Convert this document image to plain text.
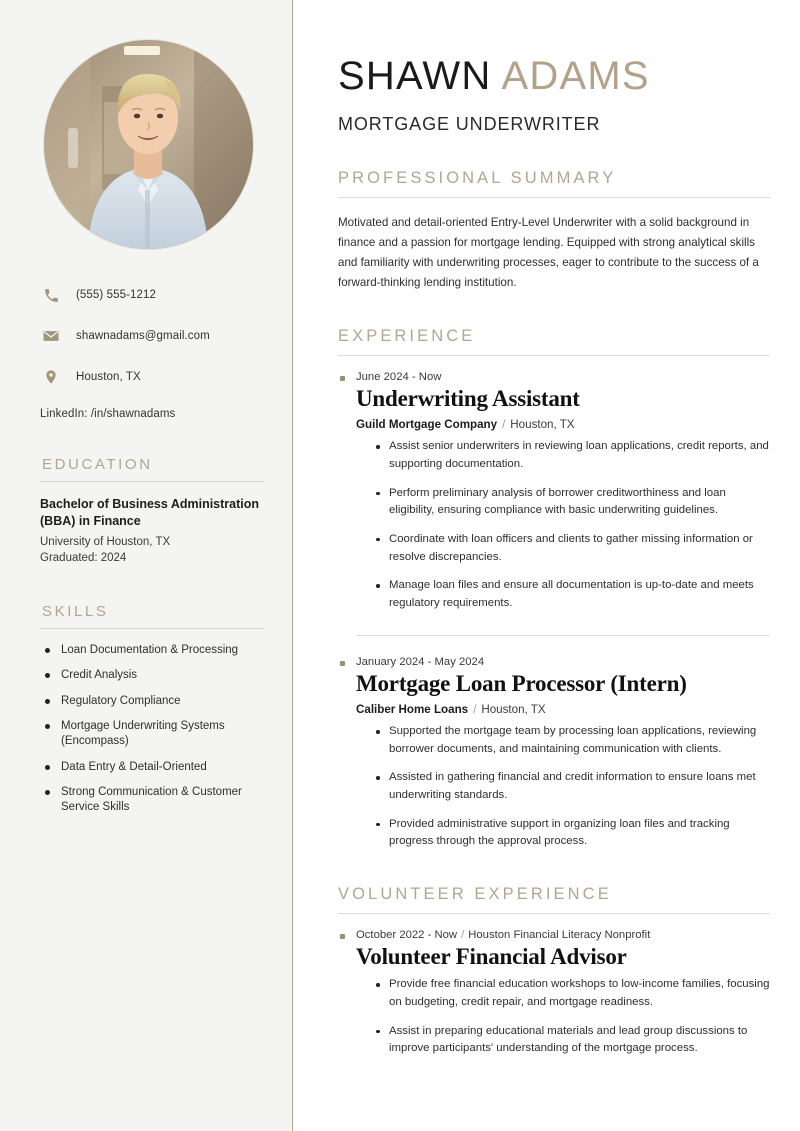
(555) 555-1212
shawnadams@gmail.com
Houston, TX
LinkedIn: /in/shawnadams
EDUCATION
Bachelor of Business Administration (BBA) in Finance
University of Houston, TX
Graduated: 2024
SKILLS
Loan Documentation & Processing
Credit Analysis
Regulatory Compliance
Mortgage Underwriting Systems (Encompass)
Data Entry & Detail-Oriented
Strong Communication & Customer Service Skills
SHAWN ADAMS
MORTGAGE UNDERWRITER
PROFESSIONAL SUMMARY

Motivated and detail-oriented Entry-Level Underwriter with a solid background in finance and a passion for mortgage lending. Equipped with strong analytical skills and familiarity with underwriting processes, eager to contribute to the success of a forward-thinking lending institution.

EXPERIENCE
June 2024 - Now
Underwriting Assistant
Guild Mortgage Company / Houston, TX
Assist senior underwriters in reviewing loan applications, credit reports, and supporting documentation.
Perform preliminary analysis of borrower creditworthiness and loan eligibility, ensuring compliance with basic underwriting guidelines.
Coordinate with loan officers and clients to gather missing information or resolve discrepancies.
Manage loan files and ensure all documentation is up-to-date and meets regulatory requirements.
January 2024 - May 2024
Mortgage Loan Processor (Intern)
Caliber Home Loans / Houston, TX
Supported the mortgage team by processing loan applications, reviewing borrower documents, and maintaining communication with clients.
Assisted in gathering financial and credit information to ensure loans met underwriting standards.
Provided administrative support in organizing loan files and tracking progress through the approval process.
VOLUNTEER EXPERIENCE
October 2022 - Now / Houston Financial Literacy Nonprofit
Volunteer Financial Advisor
Provide free financial education workshops to low-income families, focusing on budgeting, credit repair, and mortgage readiness.
Assist in preparing educational materials and lead group discussions to improve participants' understanding of the mortgage process.
